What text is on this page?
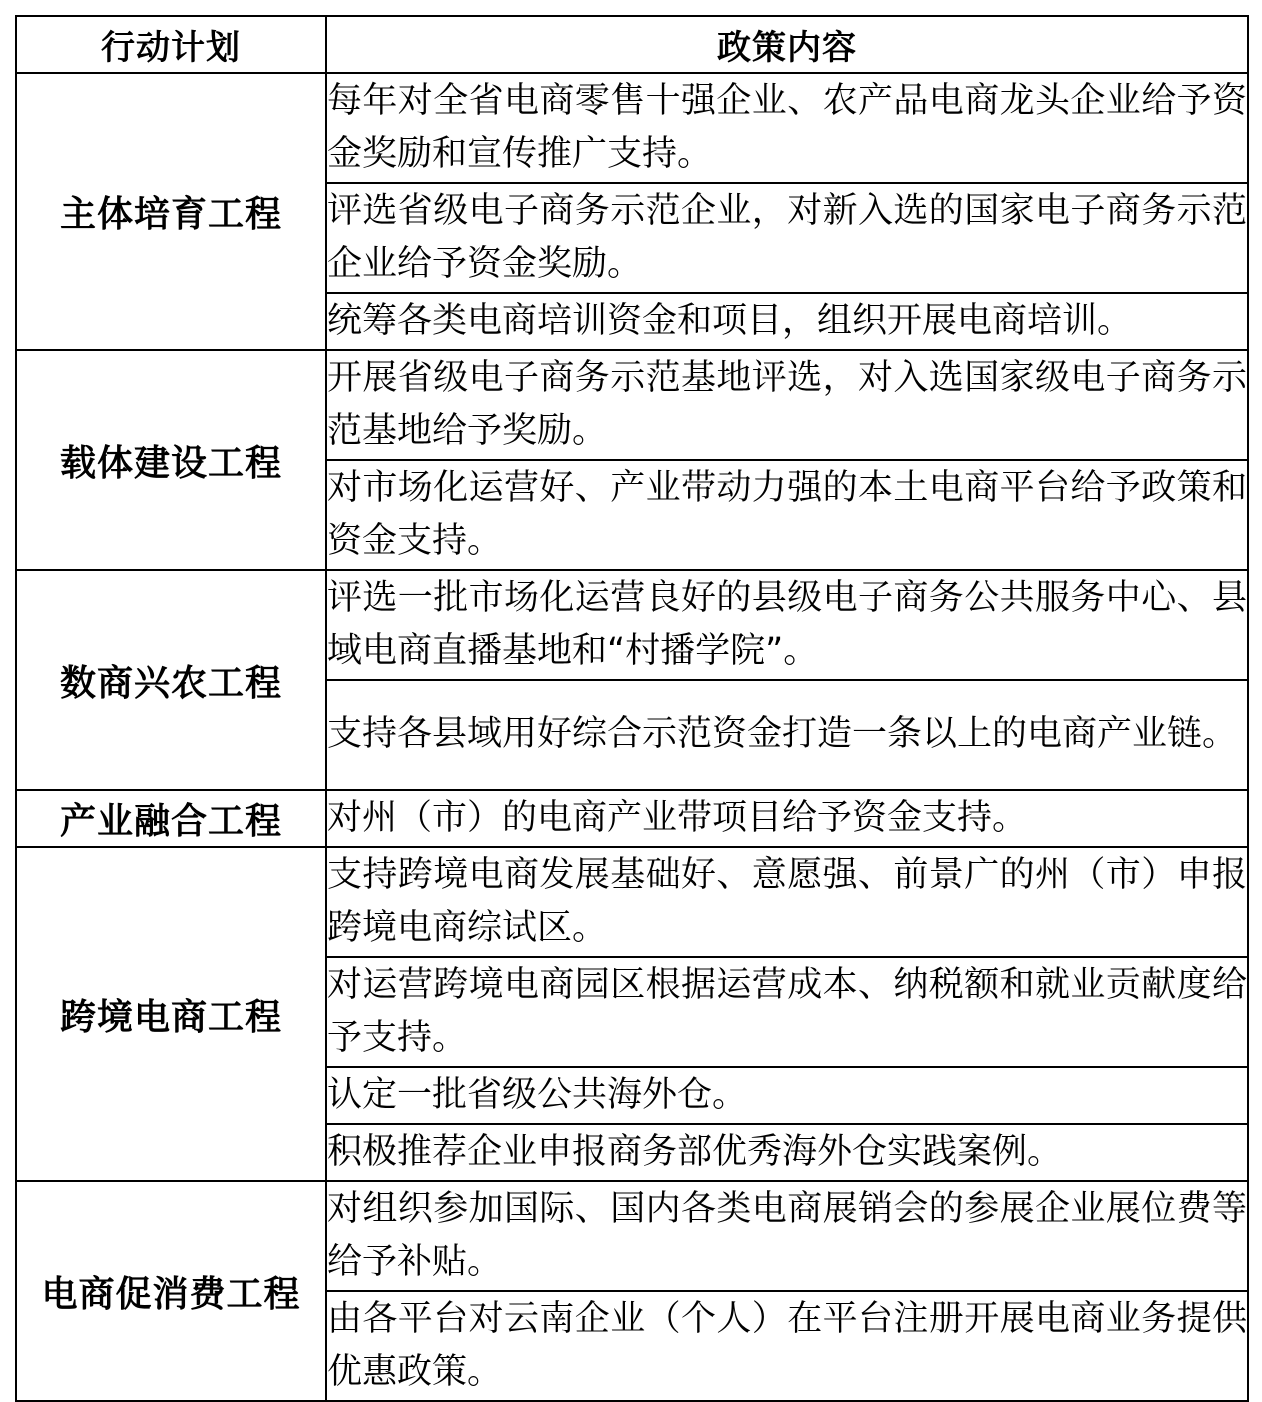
行动计划	政策内容
主体培育工程	每年对全省电商零售十强企业、农产品电商龙头企业给予资金奖励和宣传推广支持。
	评选省级电子商务示范企业，对新入选的国家电子商务示范企业给予资金奖励。
	统筹各类电商培训资金和项目，组织开展电商培训。
载体建设工程	开展省级电子商务示范基地评选，对入选国家级电子商务示范基地给予奖励。
	对市场化运营好、产业带动力强的本土电商平台给予政策和资金支持。
数商兴农工程	评选一批市场化运营良好的县级电子商务公共服务中心、县域电商直播基地和“村播学院”。
	支持各县域用好综合示范资金打造一条以上的电商产业链。
产业融合工程	对州（市）的电商产业带项目给予资金支持。
跨境电商工程	支持跨境电商发展基础好、意愿强、前景广的州（市）申报跨境电商综试区。
	对运营跨境电商园区根据运营成本、纳税额和就业贡献度给予支持。
	认定一批省级公共海外仓。
	积极推荐企业申报商务部优秀海外仓实践案例。
电商促消费工程	对组织参加国际、国内各类电商展销会的参展企业展位费等给予补贴。
	由各平台对云南企业（个人）在平台注册开展电商业务提供优惠政策。
